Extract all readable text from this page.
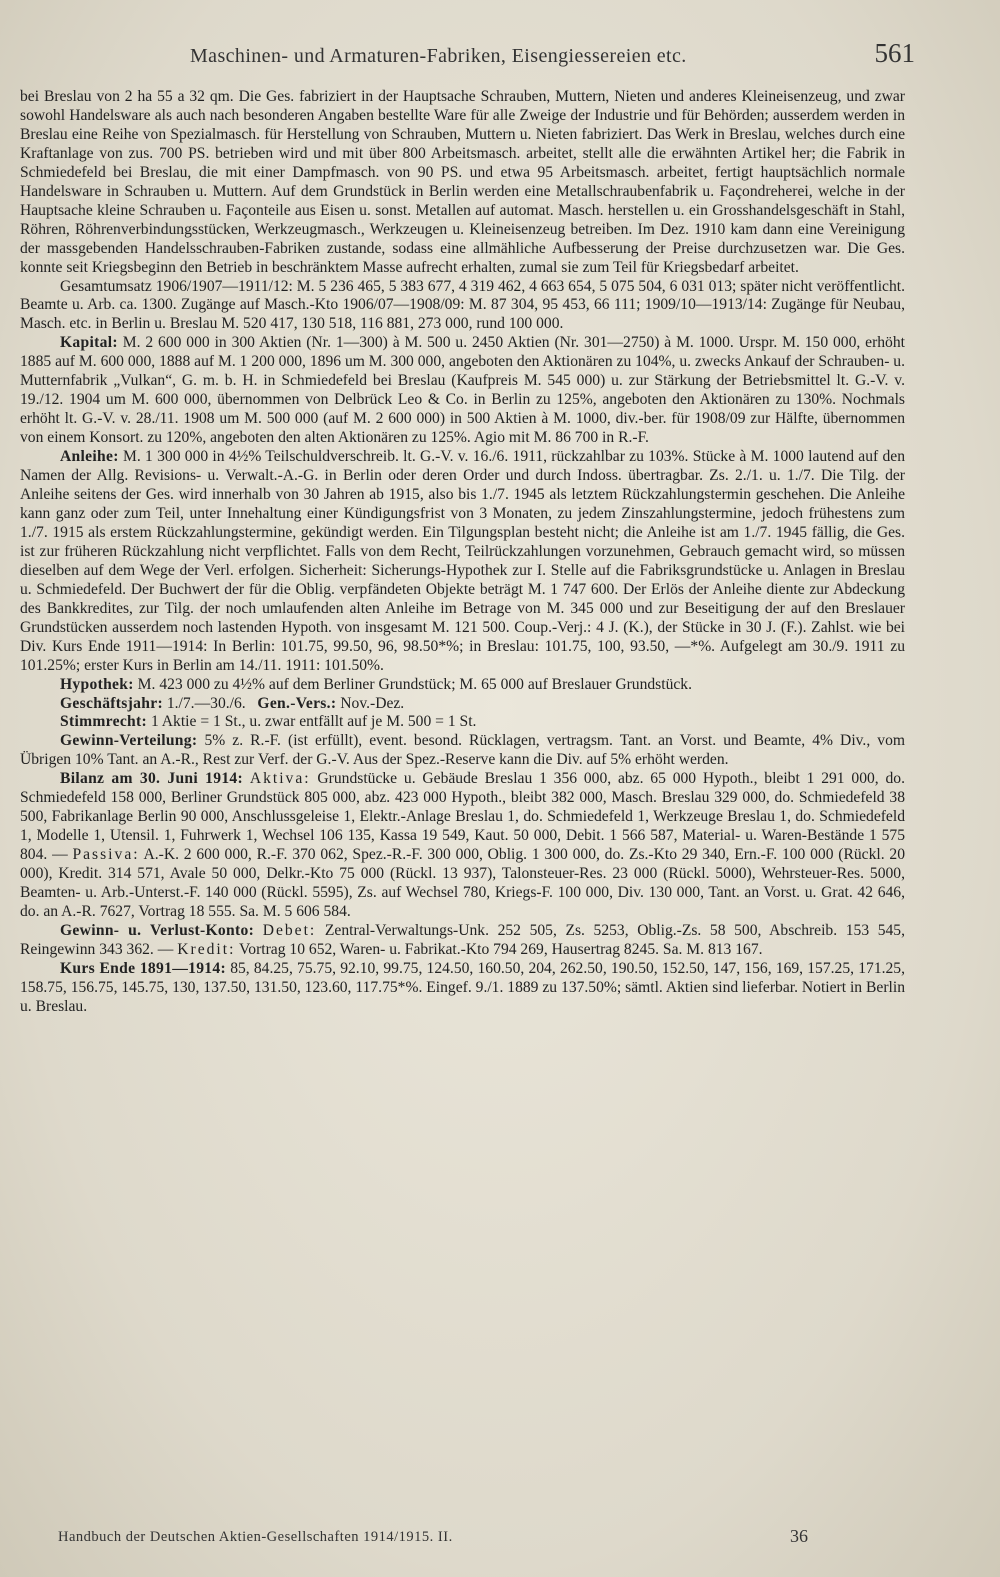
Maschinen- und Armaturen-Fabriken, Eisengiessereien etc.	561

bei Breslau von 2 ha 55 a 32 qm. Die Ges. fabriziert in der Hauptsache Schrauben, Muttern, Nieten und anderes Kleineisenzeug, und zwar sowohl Handelsware als auch nach besonderen Angaben bestellte Ware für alle Zweige der Industrie und für Behörden; ausserdem werden in Breslau eine Reihe von Spezialmasch. für Herstellung von Schrauben, Muttern u. Nieten fabriziert. Das Werk in Breslau, welches durch eine Kraftanlage von zus. 700 PS. betrieben wird und mit über 800 Arbeitsmasch. arbeitet, stellt alle die erwähnten Artikel her; die Fabrik in Schmiedefeld bei Breslau, die mit einer Dampfmasch. von 90 PS. und etwa 95 Arbeitsmasch. arbeitet, fertigt hauptsächlich normale Handelsware in Schrauben u. Muttern. Auf dem Grundstück in Berlin werden eine Metallschraubenfabrik u. Façondreherei, welche in der Hauptsache kleine Schrauben u. Façonteile aus Eisen u. sonst. Metallen auf automat. Masch. herstellen u. ein Grosshandelsgeschäft in Stahl, Röhren, Röhrenverbindungsstücken, Werkzeugmasch., Werkzeugen u. Kleineisenzeug betreiben. Im Dez. 1910 kam dann eine Vereinigung der massgebenden Handelsschrauben-Fabriken zustande, sodass eine allmähliche Aufbesserung der Preise durchzusetzen war. Die Ges. konnte seit Kriegsbeginn den Betrieb in beschränktem Masse aufrecht erhalten, zumal sie zum Teil für Kriegsbedarf arbeitet.

Gesamtumsatz 1906/1907—1911/12: M. 5 236 465, 5 383 677, 4 319 462, 4 663 654, 5 075 504, 6 031 013; später nicht veröffentlicht. Beamte u. Arb. ca. 1300. Zugänge auf Masch.-Kto 1906/07—1908/09: M. 87 304, 95 453, 66 111; 1909/10—1913/14: Zugänge für Neubau, Masch. etc. in Berlin u. Breslau M. 520 417, 130 518, 116 881, 273 000, rund 100 000.

Kapital: M. 2 600 000 in 300 Aktien (Nr. 1—300) à M. 500 u. 2450 Aktien (Nr. 301—2750) à M. 1000. Urspr. M. 150 000, erhöht 1885 auf M. 600 000, 1888 auf M. 1 200 000, 1896 um M. 300 000, angeboten den Aktionären zu 104%, u. zwecks Ankauf der Schrauben- u. Mutternfabrik „Vulkan“, G. m. b. H. in Schmiedefeld bei Breslau (Kaufpreis M. 545 000) u. zur Stärkung der Betriebsmittel lt. G.-V. v. 19./12. 1904 um M. 600 000, übernommen von Delbrück Leo & Co. in Berlin zu 125%, angeboten den Aktionären zu 130%. Nochmals erhöht lt. G.-V. v. 28./11. 1908 um M. 500 000 (auf M. 2 600 000) in 500 Aktien à M. 1000, div.-ber. für 1908/09 zur Hälfte, übernommen von einem Konsort. zu 120%, angeboten den alten Aktionären zu 125%. Agio mit M. 86 700 in R.-F.

Anleihe: M. 1 300 000 in 4½% Teilschuldverschreib. lt. G.-V. v. 16./6. 1911, rückzahlbar zu 103%. Stücke à M. 1000 lautend auf den Namen der Allg. Revisions- u. Verwalt.-A.-G. in Berlin oder deren Order und durch Indoss. übertragbar. Zs. 2./1. u. 1./7. Die Tilg. der Anleihe seitens der Ges. wird innerhalb von 30 Jahren ab 1915, also bis 1./7. 1945 als letztem Rückzahlungstermin geschehen. Die Anleihe kann ganz oder zum Teil, unter Innehaltung einer Kündigungsfrist von 3 Monaten, zu jedem Zinszahlungstermine, jedoch frühestens zum 1./7. 1915 als erstem Rückzahlungstermine, gekündigt werden. Ein Tilgungsplan besteht nicht; die Anleihe ist am 1./7. 1945 fällig, die Ges. ist zur früheren Rückzahlung nicht verpflichtet. Falls von dem Recht, Teilrückzahlungen vorzunehmen, Gebrauch gemacht wird, so müssen dieselben auf dem Wege der Verl. erfolgen. Sicherheit: Sicherungs-Hypothek zur I. Stelle auf die Fabriksgrundstücke u. Anlagen in Breslau u. Schmiedefeld. Der Buchwert der für die Oblig. verpfändeten Objekte beträgt M. 1 747 600. Der Erlös der Anleihe diente zur Abdeckung des Bankkredites, zur Tilg. der noch umlaufenden alten Anleihe im Betrage von M. 345 000 und zur Beseitigung der auf den Breslauer Grundstücken ausserdem noch lastenden Hypoth. von insgesamt M. 121 500. Coup.-Verj.: 4 J. (K.), der Stücke in 30 J. (F.). Zahlst. wie bei Div. Kurs Ende 1911—1914: In Berlin: 101.75, 99.50, 96, 98.50*%; in Breslau: 101.75, 100, 93.50, —*%. Aufgelegt am 30./9. 1911 zu 101.25%; erster Kurs in Berlin am 14./11. 1911: 101.50%.

Hypothek: M. 423 000 zu 4½% auf dem Berliner Grundstück; M. 65 000 auf Breslauer Grundstück.

Geschäftsjahr: 1./7.—30./6. Gen.-Vers.: Nov.-Dez.

Stimmrecht: 1 Aktie = 1 St., u. zwar entfällt auf je M. 500 = 1 St.

Gewinn-Verteilung: 5% z. R.-F. (ist erfüllt), event. besond. Rücklagen, vertragsm. Tant. an Vorst. und Beamte, 4% Div., vom Übrigen 10% Tant. an A.-R., Rest zur Verf. der G.-V. Aus der Spez.-Reserve kann die Div. auf 5% erhöht werden.

Bilanz am 30. Juni 1914: Aktiva: Grundstücke u. Gebäude Breslau 1 356 000, abz. 65 000 Hypoth., bleibt 1 291 000, do. Schmiedefeld 158 000, Berliner Grundstück 805 000, abz. 423 000 Hypoth., bleibt 382 000, Masch. Breslau 329 000, do. Schmiedefeld 38 500, Fabrikanlage Berlin 90 000, Anschlussgeleise 1, Elektr.-Anlage Breslau 1, do. Schmiedefeld 1, Werkzeuge Breslau 1, do. Schmiedefeld 1, Modelle 1, Utensil. 1, Fuhrwerk 1, Wechsel 106 135, Kassa 19 549, Kaut. 50 000, Debit. 1 566 587, Material- u. Waren-Bestände 1 575 804. — Passiva: A.-K. 2 600 000, R.-F. 370 062, Spez.-R.-F. 300 000, Oblig. 1 300 000, do. Zs.-Kto 29 340, Ern.-F. 100 000 (Rückl. 20 000), Kredit. 314 571, Avale 50 000, Delkr.-Kto 75 000 (Rückl. 13 937), Talonsteuer-Res. 23 000 (Rückl. 5000), Wehrsteuer-Res. 5000, Beamten- u. Arb.-Unterst.-F. 140 000 (Rückl. 5595), Zs. auf Wechsel 780, Kriegs-F. 100 000, Div. 130 000, Tant. an Vorst. u. Grat. 42 646, do. an A.-R. 7627, Vortrag 18 555. Sa. M. 5 606 584.

Gewinn- u. Verlust-Konto: Debet: Zentral-Verwaltungs-Unk. 252 505, Zs. 5253, Oblig.-Zs. 58 500, Abschreib. 153 545, Reingewinn 343 362. — Kredit: Vortrag 10 652, Waren- u. Fabrikat.-Kto 794 269, Hausertrag 8245. Sa. M. 813 167.

Kurs Ende 1891—1914: 85, 84.25, 75.75, 92.10, 99.75, 124.50, 160.50, 204, 262.50, 190.50, 152.50, 147, 156, 169, 157.25, 171.25, 158.75, 156.75, 145.75, 130, 137.50, 131.50, 123.60, 117.75*%. Eingef. 9./1. 1889 zu 137.50%; sämtl. Aktien sind lieferbar. Notiert in Berlin u. Breslau.

Handbuch der Deutschen Aktien-Gesellschaften 1914/1915. II.	36
